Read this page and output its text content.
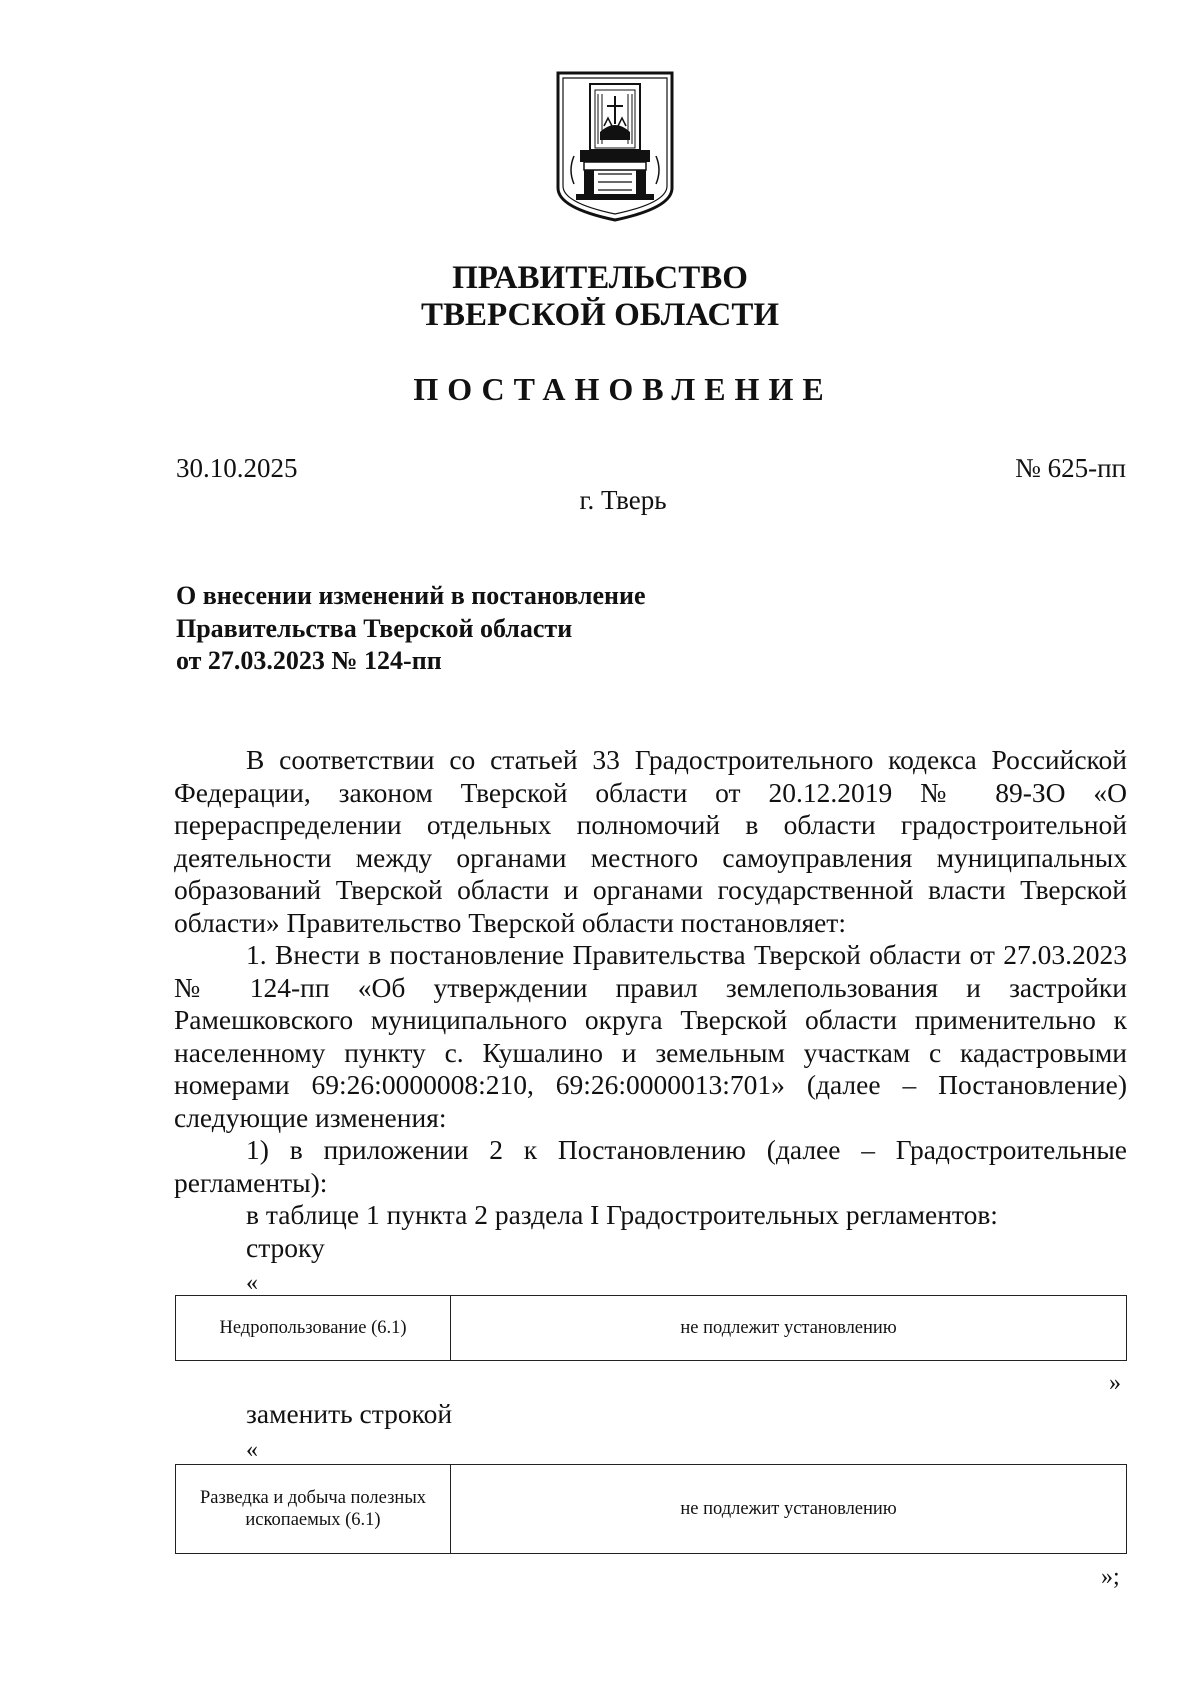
ПРАВИТЕЛЬСТВО
ТВЕРСКОЙ ОБЛАСТИ
ПОСТАНОВЛЕНИЕ
30.10.2025	№ 625-пп
г. Тверь
О внесении изменений в постановление
Правительства Тверской области
от 27.03.2023 № 124-пп

В соответствии со статьей 33 Градостроительного кодекса Российской Федерации, законом Тверской области от 20.12.2019 № 89-ЗО «О перераспределении отдельных полномочий в области градостроительной деятельности между органами местного самоуправления муниципальных образований Тверской области и органами государственной власти Тверской области» Правительство Тверской области постановляет:

1. Внести в постановление Правительства Тверской области от 27.03.2023 № 124-пп «Об утверждении правил землепользования и застройки Рамешковского муниципального округа Тверской области применительно к населенному пункту с. Кушалино и земельным участкам с кадастровыми номерами 69:26:0000008:210, 69:26:0000013:701» (далее – Постановление) следующие изменения:

1) в приложении 2 к Постановлению (далее – Градостроительные регламенты):

в таблице 1 пункта 2 раздела I Градостроительных регламентов:
строку
«
Недропользование (6.1)	не подлежит установлению
»
заменить строкой
«
Разведка и добыча полезных ископаемых (6.1)	не подлежит установлению
»;
